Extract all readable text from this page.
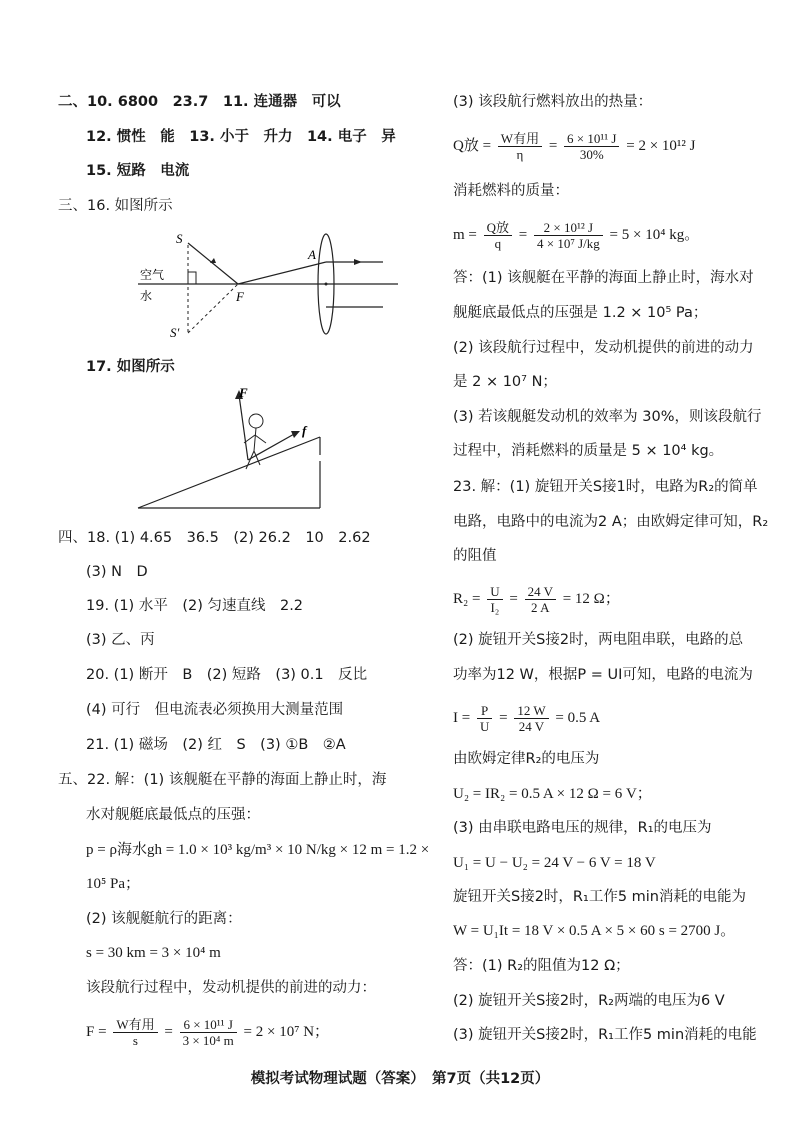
二、10. 6800　23.7　11. 连通器　可以
12. 惯性　能　13. 小于　升力　14. 电子　异
15. 短路　电流
三、16. 如图所示
S
S′
A
F
空气
水
17. 如图所示
F
f
四、18. (1) 4.65　36.5　(2) 26.2　10　2.62
(3) N　D
19. (1) 水平　(2) 匀速直线　2.2
(3) 乙、丙
20. (1) 断开　B　(2) 短路　(3) 0.1　反比
(4) 可行　但电流表必须换用大测量范围
21. (1) 磁场　(2) 红　S　(3) ①B　②A
五、22. 解：(1) 该舰艇在平静的海面上静止时，海
水对舰艇底最低点的压强：
p = ρ海水gh = 1.0 × 10³ kg/m³ × 10 N/kg × 12 m = 1.2 ×
10⁵ Pa；
(2) 该舰艇航行的距离：
s = 30 km = 3 × 10⁴ m
该段航行过程中，发动机提供的前进的动力：
$F = \frac{\text{W有用}}{s} = \frac{\text{6 × 10¹¹ J}}{\text{3 × 10⁴ m}} = 2 \times 10^7$ N；
(3) 该段航行燃料放出的热量：
Q放 = $\frac{\text{W有用}}{\eta} = \frac{\text{6 × 10¹¹ J}}{30\%} = 2 \times 10^{12}$ J
消耗燃料的质量：
$m = \frac{\text{Q放}}{q} = \frac{\text{2 × 10¹² J}}{\text{4 × 10⁷ J/kg}} = 5 \times 10^4$ kg。
答：(1) 该舰艇在平静的海面上静止时，海水对
舰艇底最低点的压强是 1.2 × 10⁵ Pa；
(2) 该段航行过程中，发动机提供的前进的动力
是 2 × 10⁷ N；
(3) 若该舰艇发动机的效率为 30%，则该段航行
过程中，消耗燃料的质量是 5 × 10⁴ kg。
23. 解：(1) 旋钮开关S接1时，电路为R₂的简单
电路，电路中的电流为2 A；由欧姆定律可知，R₂
的阻值
$R_2 = \frac{U}{\text{I₂}} = \frac{24 V}{2 A} = 12$ Ω；
(2) 旋钮开关S接2时，两电阻串联，电路的总
功率为12 W，根据P = UI可知，电路的电流为
$I = \frac{P}{U} = \frac{12 W}{24 V} = 0.5$ A
由欧姆定律R₂的电压为
U₂ = IR₂ = 0.5 A × 12 Ω = 6 V；
(3) 由串联电路电压的规律，R₁的电压为
U₁ = U − U₂ = 24 V − 6 V = 18 V
旋钮开关S接2时，R₁工作5 min消耗的电能为
W = U₁It = 18 V × 0.5 A × 5 × 60 s = 2700 J。
答：(1) R₂的阻值为12 Ω；
(2) 旋钮开关S接2时，R₂两端的电压为6 V
(3) 旋钮开关S接2时，R₁工作5 min消耗的电能
模拟考试物理试题（答案）　第7页（共12页）
